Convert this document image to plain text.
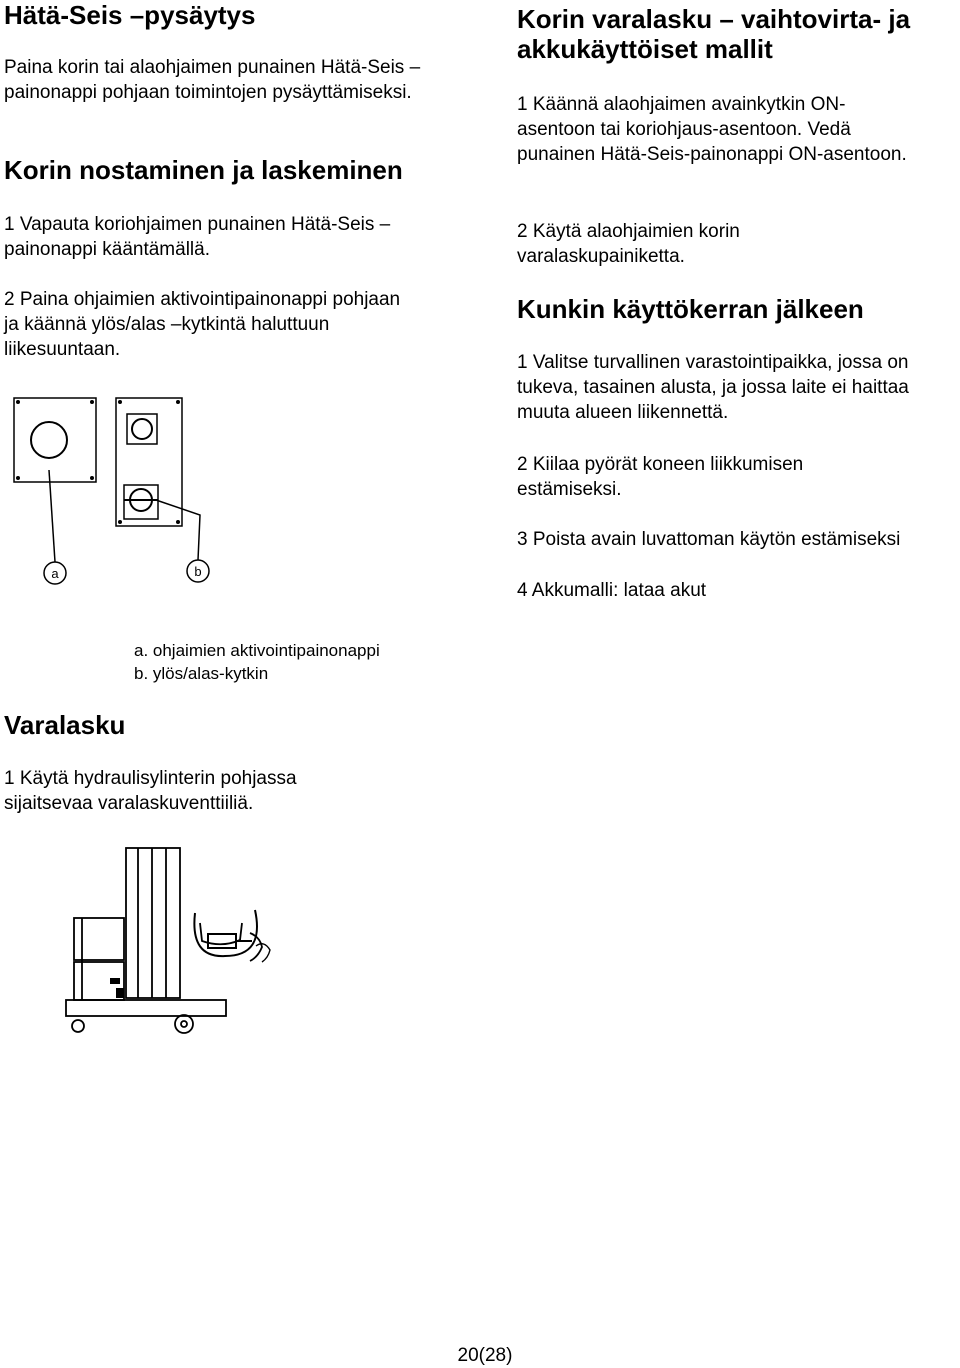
Hätä-Seis –pysäytys

Paina korin tai alaohjaimen punainen Hätä-Seis –painonappi pohjaan toimintojen pysäyttämiseksi.

Korin nostaminen ja laskeminen

1 Vapauta koriohjaimen punainen Hätä-Seis –painonappi kääntämällä.

2 Paina ohjaimien aktivointipainonappi pohjaan ja käännä ylös/alas –kytkintä haluttuun liikesuuntaan.

a	b

a. ohjaimien aktivointipainonappi

b. ylös/alas-kytkin

Varalasku

1 Käytä hydraulisylinterin pohjassa sijaitsevaa varalaskuventtiiliä.

Korin varalasku – vaihtovirta- ja akkukäyttöiset mallit

1 Käännä alaohjaimen avainkytkin ON-asentoon tai koriohjaus-asentoon. Vedä punainen Hätä-Seis-painonappi ON-asentoon.

2 Käytä alaohjaimien korin varalaskupainiketta.

Kunkin käyttökerran jälkeen

1 Valitse turvallinen varastointipaikka, jossa on tukeva, tasainen alusta, ja jossa laite ei haittaa muuta alueen liikennettä.

2 Kiilaa pyörät koneen liikkumisen estämiseksi.

3 Poista avain luvattoman käytön estämiseksi

4 Akkumalli: lataa akut

20(28)
